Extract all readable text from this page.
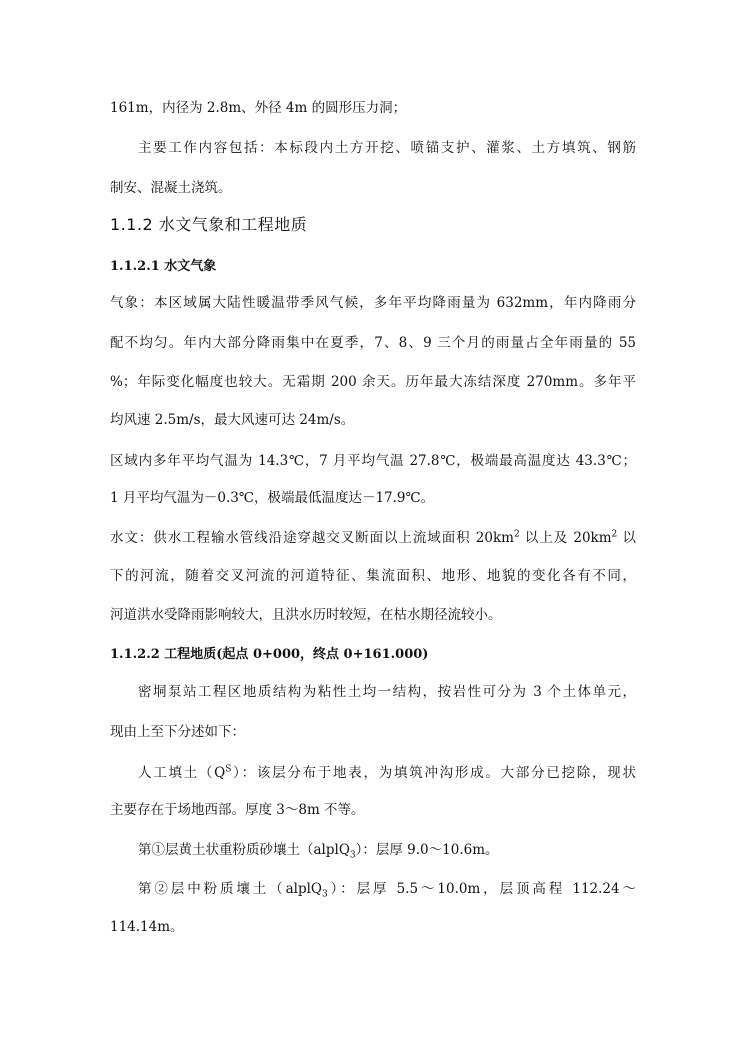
161m，内径为 2.8m、外径 4m 的圆形压力洞；
主要工作内容包括：本标段内土方开挖、喷锚支护、灌浆、土方填筑、钢筋
制安、混凝土浇筑。
1.1.2 水文气象和工程地质
1.1.2.1 水文气象
气象：本区域属大陆性暖温带季风气候，多年平均降雨量为 632mm，年内降雨分
配不均匀。年内大部分降雨集中在夏季，7、8、9 三个月的雨量占全年雨量的 55
%；年际变化幅度也较大。无霜期 200 余天。历年最大冻结深度 270mm。多年平
均风速 2.5m/s，最大风速可达 24m/s。
区域内多年平均气温为 14.3℃，7 月平均气温 27.8℃，极端最高温度达 43.3℃；
1 月平均气温为－0.3℃，极端最低温度达－17.9℃。
水文：供水工程输水管线沿途穿越交叉断面以上流域面积 $20km^2$ 以上及 $20km^2$ 以
下的河流，随着交叉河流的河道特征、集流面积、地形、地貌的变化各有不同，
河道洪水受降雨影响较大，且洪水历时较短，在枯水期径流较小。
1.1.2.2 工程地质(起点 0+000，终点 0+161.000)
密垌泵站工程区地质结构为粘性土均一结构，按岩性可分为 3 个土体单元，
现由上至下分述如下：
人工填土$(Q^S)$：该层分布于地表，为填筑冲沟形成。大部分已挖除，现状
主要存在于场地西部。厚度 3～8m 不等。
第①层黄土状重粉质砂壤土（alplQ$_3$）：层厚 9.0～10.6m。
第②层中粉质壤土（alplQ$_3$）：层厚 5.5～10.0m，层顶高程 112.24～
114.14m。
